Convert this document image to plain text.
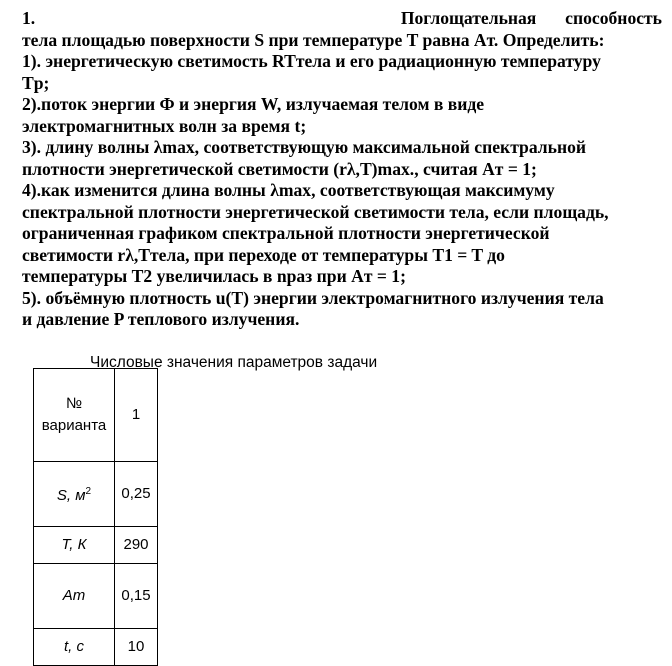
1.	Поглощательная способность
тела площадью поверхности S при температуре T равна Aт. Определить:
1). энергетическую светимость RTтела и его радиационную температуру
Tр;
2).поток энергии Ф и энергия W, излучаемая телом в виде
электромагнитных волн за время t;
3). длину волны λmax, соответствующую максимальной спектральной
плотности энергетической светимости (rλ,T)max., считая Aт = 1;
4).как изменится длина волны λmax, соответствующая максимуму
спектральной плотности энергетической светимости тела, если площадь,
ограниченная графиком спектральной плотности энергетической
светимости rλ,Tтела, при переходе от температуры T1 = T до
температуры T2 увеличилась в nраз при Aт = 1;
5). объёмную плотность u(T) энергии электромагнитного излучения тела
и давление P теплового излучения.
Числовые значения параметров задачи
№ варианта	1
S, $м^2$	0,25
T, К	290
Aт	0,15
t, с	10
